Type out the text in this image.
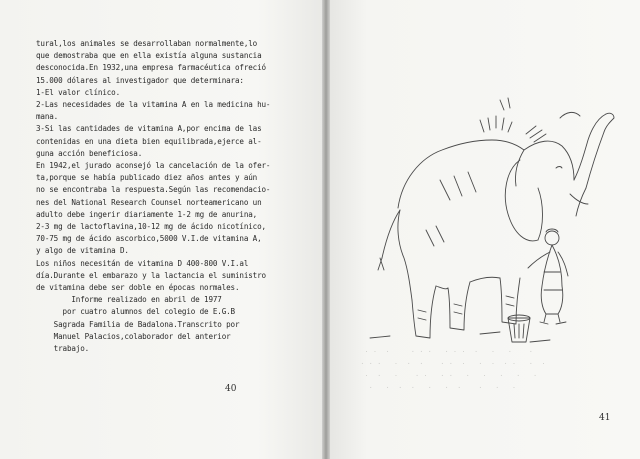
tural,los animales se desarrollaban normalmente,lo
que demostraba que en ella existía alguna sustancia
desconocida.En 1932,una empresa farmacéutica ofreció
15.000 dólares al investigador que determinara:
1-El valor clínico.
2-Las necesidades de la vitamina A en la medicina hu-
mana.
3-Si las cantidades de vitamina A,por encima de las
contenidas en una dieta bien equilibrada,ejerce al-
guna acción beneficiosa.
En 1942,el jurado aconsejó la cancelación de la ofer-
ta,porque se había publicado diez años antes y aún
no se encontraba la respuesta.Según las recomendacio-
nes del National Research Counsel norteamericano un
adulto debe ingerir diariamente 1-2 mg de anurina,
2-3 mg de lactoflavina,10-12 mg de ácido nicotínico,
70-75 mg de ácido ascorbico,5000 V.I.de vitamina A,
y algo de vitamina D.
Los niños necesitán de vitamina D 400-800 V.I.al
día.Durante el embarazo y la lactancia el suministro
de vitamina debe ser doble en épocas normales.
Informe realizado en abril de 1977
por cuatro alumnos del colegio de E.G.B
Sagrada Familia de Badalona.Transcrito por
Manuel Palacios,colaborador del anterior
trabajo.
40
41
. .  .     . . .   . . .  .   .   .    .
. . .   .  .  .    . .  .   .  .  . .   .  .
.  .   .    . .   . .   .   .   .   .   .
.   .  .  .   .   .  .    .   .   .
